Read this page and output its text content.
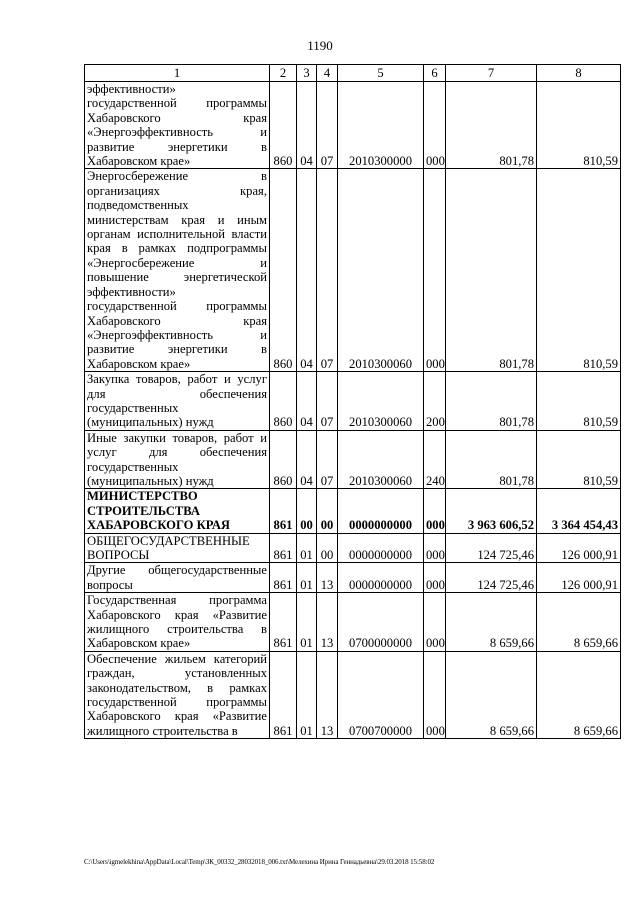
1190
1	2	3	4	5	6	7	8
эффективности» государственной программы Хабаровского края «Энергоэффективность и развитие энергетики в Хабаровском крае»	860	04	07	2010300000	000	801,78	810,59
Энергосбережение в организациях края, подведомственных министерствам края и иным органам исполнительной власти края в рамках подпрограммы «Энергосбережение и повышение энергетической эффективности» государственной программы Хабаровского края «Энергоэффективность и развитие энергетики в Хабаровском крае»	860	04	07	2010300060	000	801,78	810,59
Закупка товаров, работ и услуг для обеспечения государственных (муниципальных) нужд	860	04	07	2010300060	200	801,78	810,59
Иные закупки товаров, работ и услуг для обеспечения государственных (муниципальных) нужд	860	04	07	2010300060	240	801,78	810,59
МИНИСТЕРСТВО СТРОИТЕЛЬСТВА ХАБАРОВСКОГО КРАЯ	861	00	00	0000000000	000	3 963 606,52	3 364 454,43
ОБЩЕГОСУДАРСТВЕННЫЕ ВОПРОСЫ	861	01	00	0000000000	000	124 725,46	126 000,91
Другие общегосударственные вопросы	861	01	13	0000000000	000	124 725,46	126 000,91
Государственная программа Хабаровского края «Развитие жилищного строительства в Хабаровском крае»	861	01	13	0700000000	000	8 659,66	8 659,66
Обеспечение жильем категорий граждан, установленных законодательством, в рамках государственной программы Хабаровского края «Развитие жилищного строительства в	861	01	13	0700700000	000	8 659,66	8 659,66
C:\Users\igmelekhina\AppData\Local\Temp\ЗК_00332_28032018_006.txt\Мелехина Ирина Геннадьевна\29.03.2018 15:58:02
